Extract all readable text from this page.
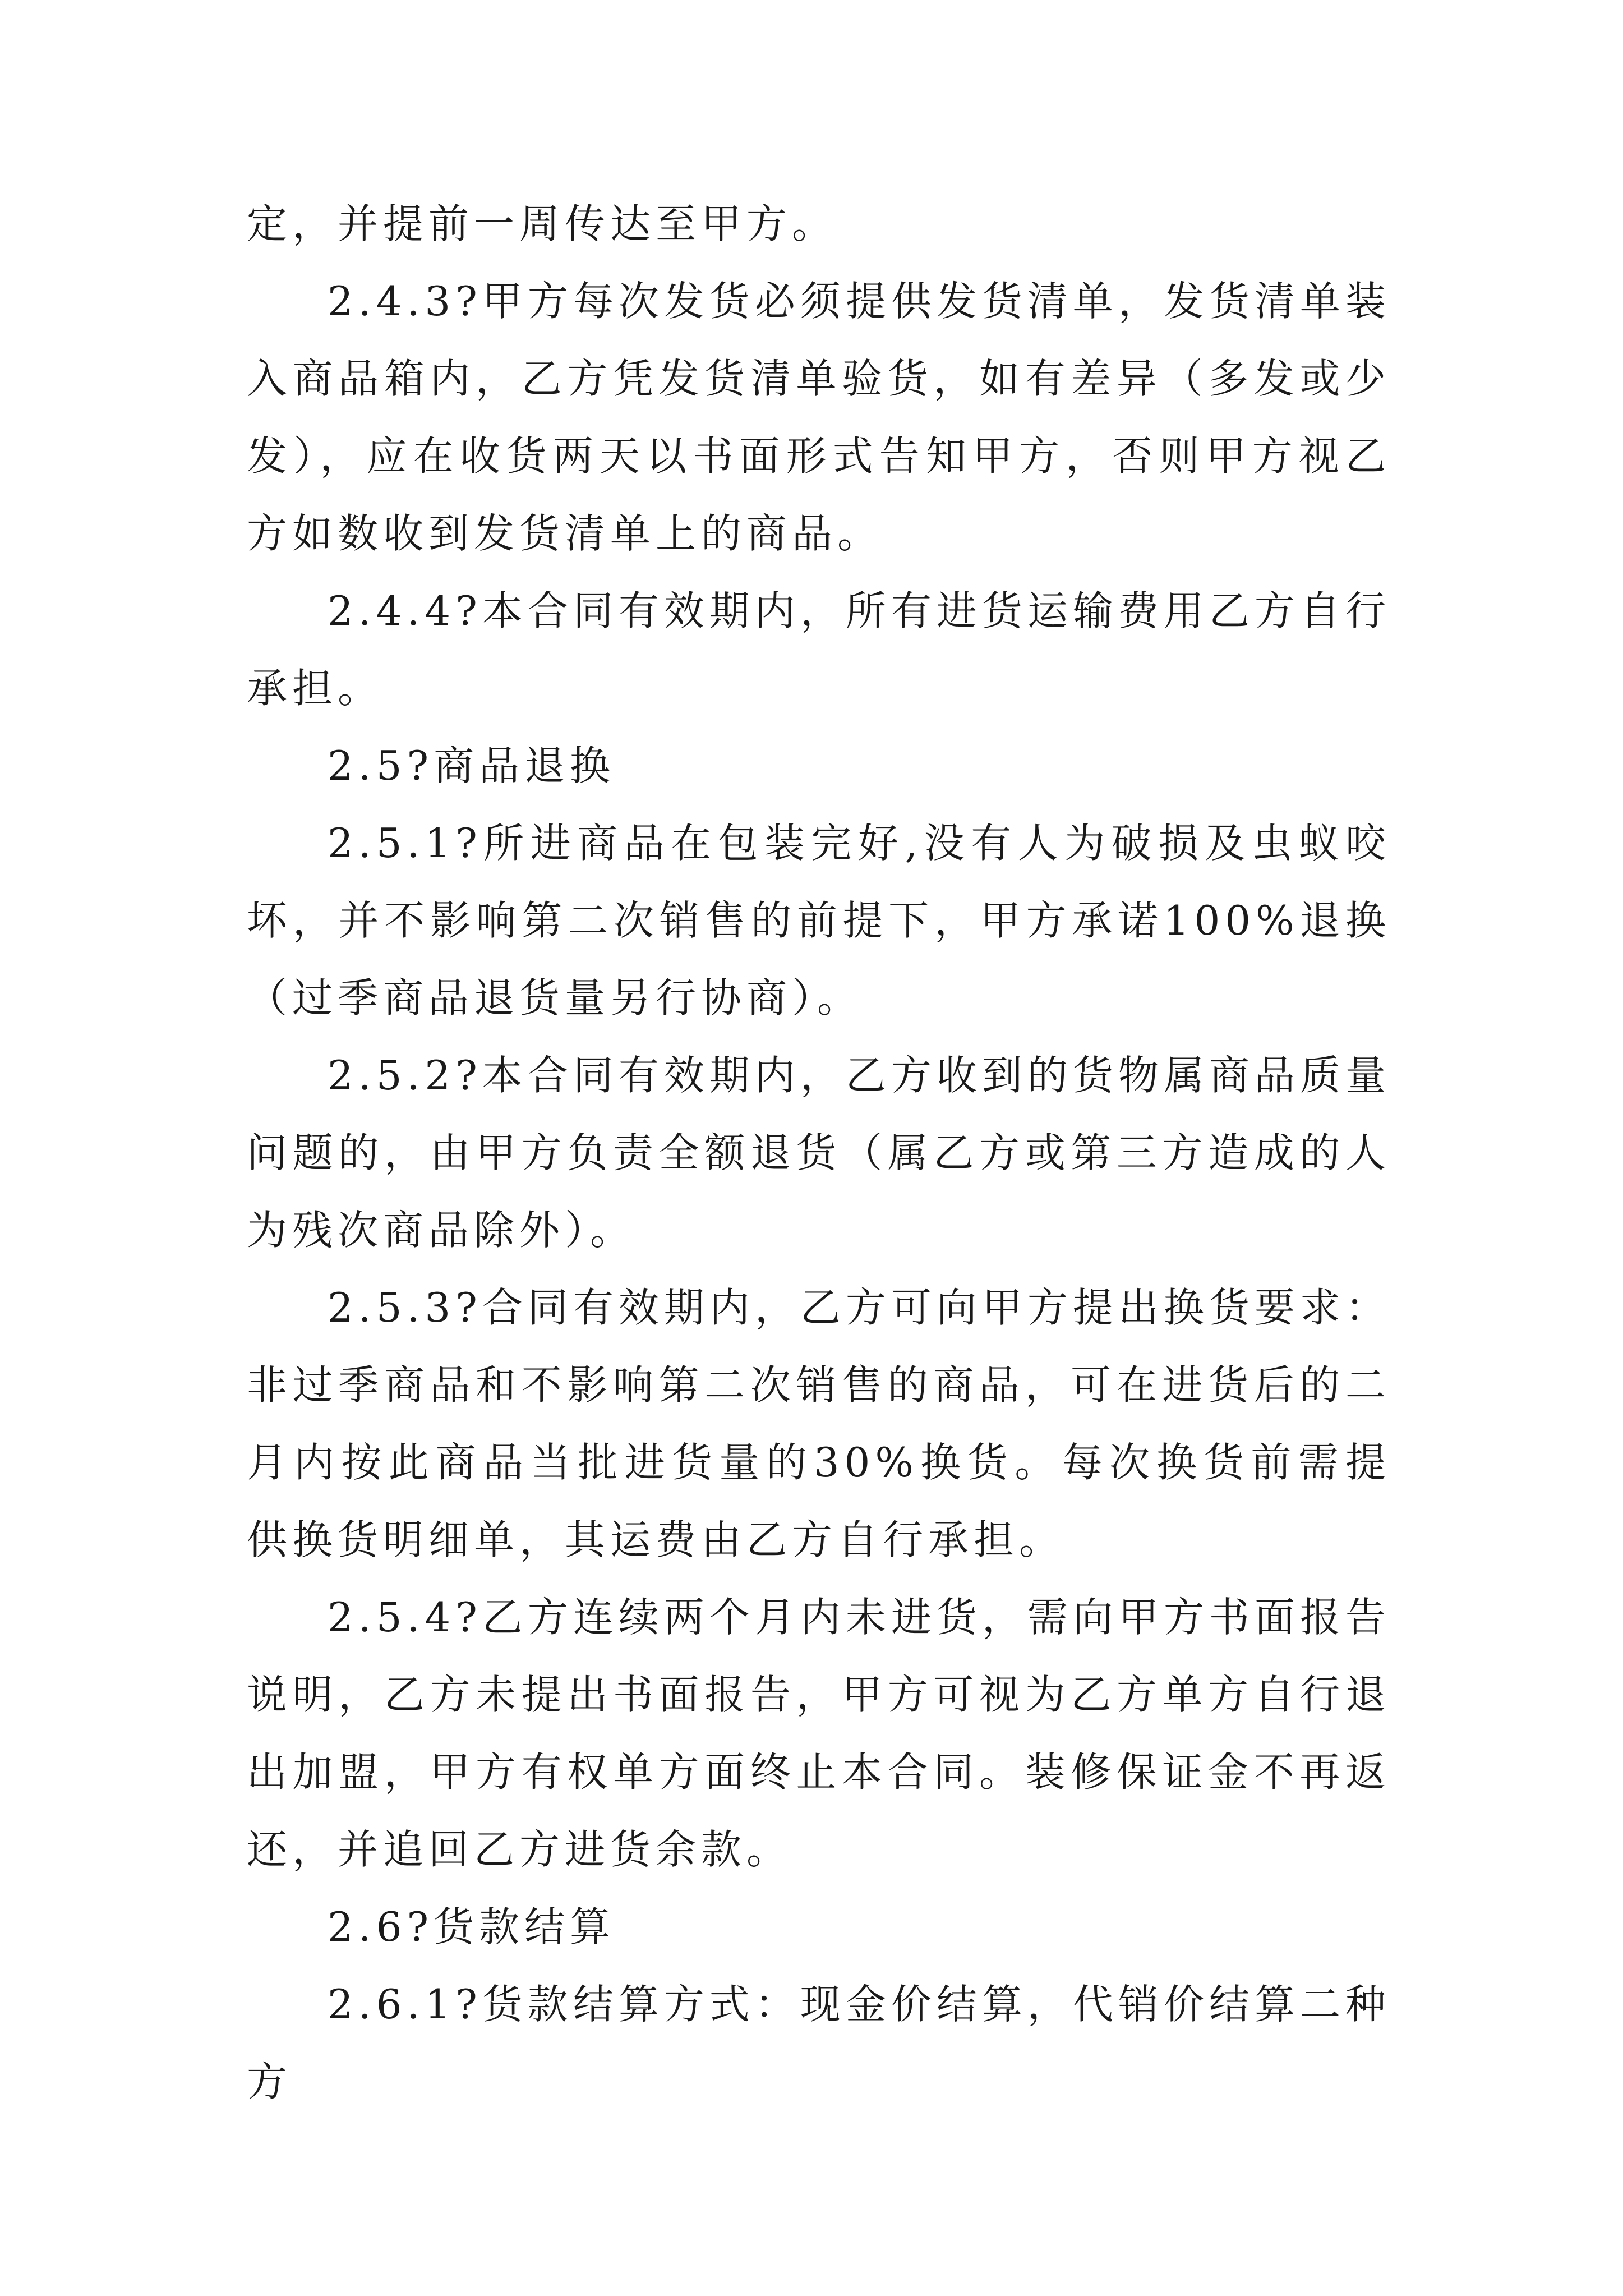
定，并提前一周传达至甲方。

2.4.3?甲方每次发货必须提供发货清单，发货清单装入商品箱内，乙方凭发货清单验货，如有差异（多发或少发），应在收货两天以书面形式告知甲方，否则甲方视乙方如数收到发货清单上的商品。

2.4.4?本合同有效期内，所有进货运输费用乙方自行承担。

2.5?商品退换

2.5.1?所进商品在包装完好,没有人为破损及虫蚁咬坏，并不影响第二次销售的前提下，甲方承诺100%退换（过季商品退货量另行协商）。

2.5.2?本合同有效期内，乙方收到的货物属商品质量问题的，由甲方负责全额退货（属乙方或第三方造成的人为残次商品除外）。

2.5.3?合同有效期内，乙方可向甲方提出换货要求：非过季商品和不影响第二次销售的商品，可在进货后的二月内按此商品当批进货量的30%换货。每次换货前需提供换货明细单，其运费由乙方自行承担。

2.5.4?乙方连续两个月内未进货，需向甲方书面报告说明，乙方未提出书面报告，甲方可视为乙方单方自行退出加盟，甲方有权单方面终止本合同。装修保证金不再返还，并追回乙方进货余款。

2.6?货款结算

2.6.1?货款结算方式：现金价结算，代销价结算二种方
